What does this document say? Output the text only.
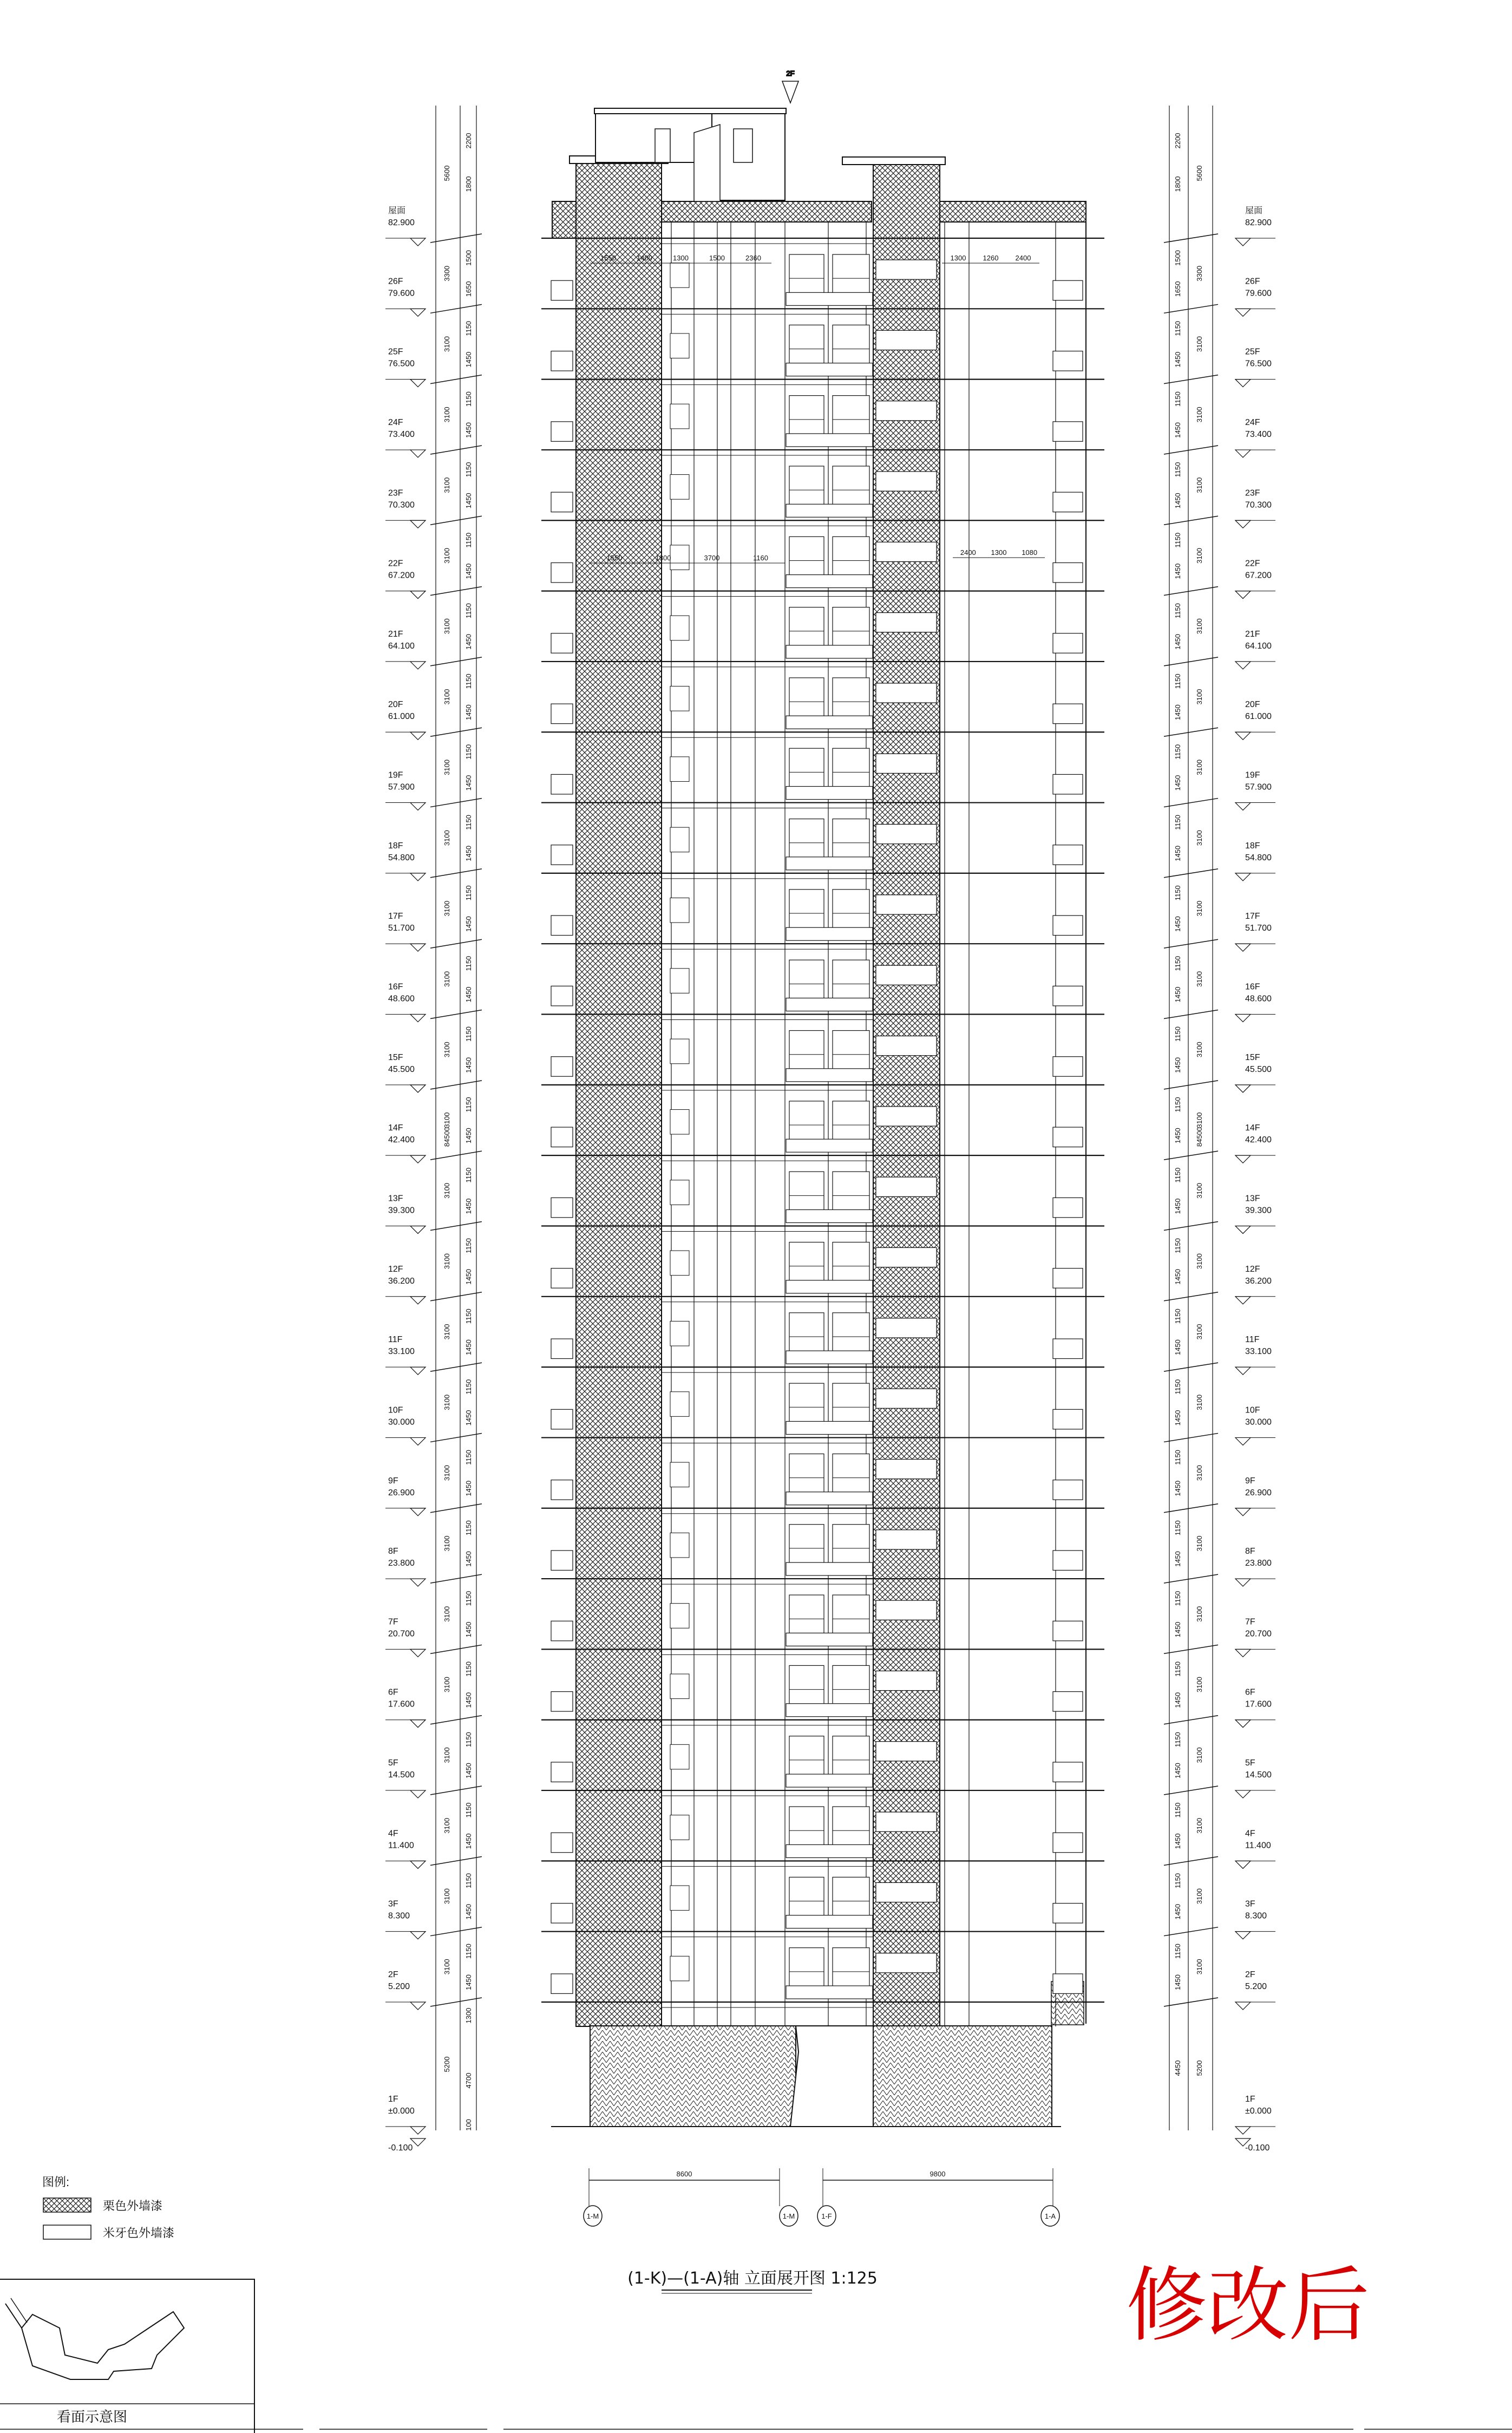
2F
屋面
82.900
26F
79.600
25F
76.500
24F
73.400
23F
70.300
22F
67.200
21F
64.100
20F
61.000
19F
57.900
18F
54.800
17F
51.700
16F
48.600
15F
45.500
14F
42.400
13F
39.300
12F
36.200
11F
33.100
10F
30.000
9F
26.900
8F
23.800
7F
20.700
6F
17.600
5F
14.500
4F
11.400
3F
8.300
2F
5.200
1F
±0.000
-0.100
屋面
82.900
26F
79.600
25F
76.500
24F
73.400
23F
70.300
22F
67.200
21F
64.100
20F
61.000
19F
57.900
18F
54.800
17F
51.700
16F
48.600
15F
45.500
14F
42.400
13F
39.300
12F
36.200
11F
33.100
10F
30.000
9F
26.900
8F
23.800
7F
20.700
6F
17.600
5F
14.500
4F
11.400
3F
8.300
2F
5.200
1F
±0.000
-0.100
2200
1800
5600
3300
3100
3100
3100
3100
3100
3100
3100
3100
3100
3100
3100
3100
3100
3100
3100
3100
3100
3100
3100
3100
3100
3100
3100
3100
5200
1500
1650
1150
1450
1150
1450
1150
1450
1150
1450
1150
1450
1150
1450
1150
1450
1150
1450
1150
1450
1150
1450
1150
1450
1150
1450
1150
1450
1150
1450
1150
1450
1150
1450
1150
1450
1150
1450
1150
1450
1150
1450
1150
1450
1150
1450
1150
1450
1150
1450
1300
4700
84500
100
2200
1800
5600
3300
3100
3100
3100
3100
3100
3100
3100
3100
3100
3100
3100
3100
3100
3100
3100
3100
3100
3100
3100
3100
3100
3100
3100
3100
1500
1650
1150
1450
1150
1450
1150
1450
1150
1450
1150
1450
1150
1450
1150
1450
1150
1450
1150
1450
1150
1450
1150
1450
1150
1450
1150
1450
1150
1450
1150
1450
1150
1450
1150
1450
1150
1450
1150
1450
1150
1450
1150
1450
1150
1450
1150
1450
1150
1450
84500
4450 5200
1550	1400	1300	1500	2360	1300 1260 2400
1550	1300	3700	1160
2400 1300 1080
8600	9800
1-M	1-M	1-F	1-A
(1-K)—(1-A)轴 立面展开图 1:125	修改后
图例:
栗色外墙漆
米牙色外墙漆
看面示意图
